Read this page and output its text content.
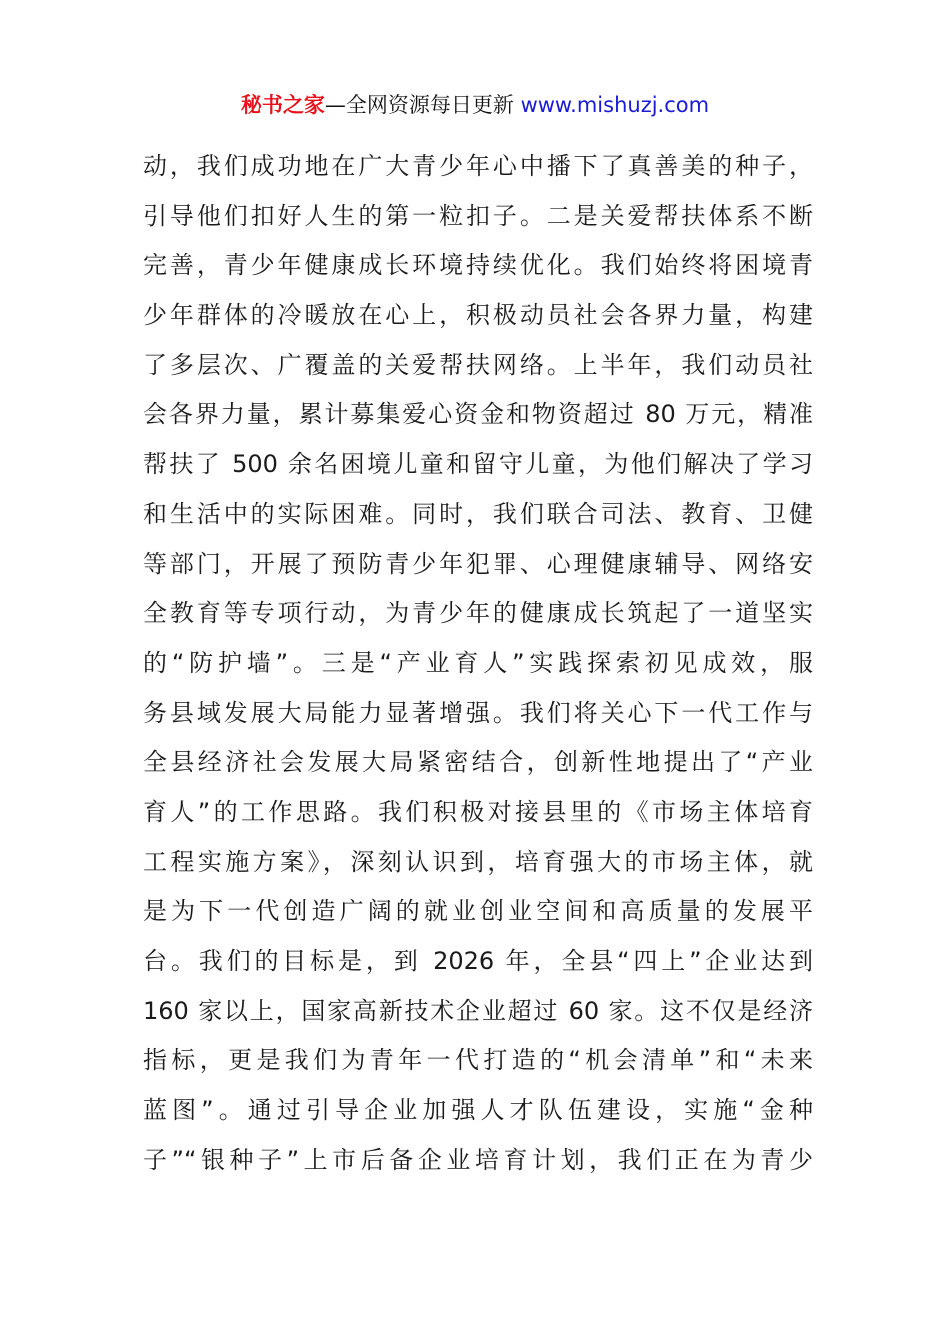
秘书之家—全网资源每日更新 www.mishuzj.com
动，我们成功地在广大青少年心中播下了真善美的种子，
引导他们扣好人生的第一粒扣子。二是关爱帮扶体系不断
完善，青少年健康成长环境持续优化。我们始终将困境青
少年群体的冷暖放在心上，积极动员社会各界力量，构建
了多层次、广覆盖的关爱帮扶网络。上半年，我们动员社
会各界力量，累计募集爱心资金和物资超过 80 万元，精准
帮扶了 500 余名困境儿童和留守儿童，为他们解决了学习
和生活中的实际困难。同时，我们联合司法、教育、卫健
等部门，开展了预防青少年犯罪、心理健康辅导、网络安
全教育等专项行动，为青少年的健康成长筑起了一道坚实
的“防护墙”。三是“产业育人”实践探索初见成效，服
务县域发展大局能力显著增强。我们将关心下一代工作与
全县经济社会发展大局紧密结合，创新性地提出了“产业
育人”的工作思路。我们积极对接县里的《市场主体培育
工程实施方案》，深刻认识到，培育强大的市场主体，就
是为下一代创造广阔的就业创业空间和高质量的发展平
台。我们的目标是，到 2026 年，全县“四上”企业达到
160 家以上，国家高新技术企业超过 60 家。这不仅是经济
指标，更是我们为青年一代打造的“机会清单”和“未来
蓝图”。通过引导企业加强人才队伍建设，实施“金种
子”“银种子”上市后备企业培育计划，我们正在为青少
